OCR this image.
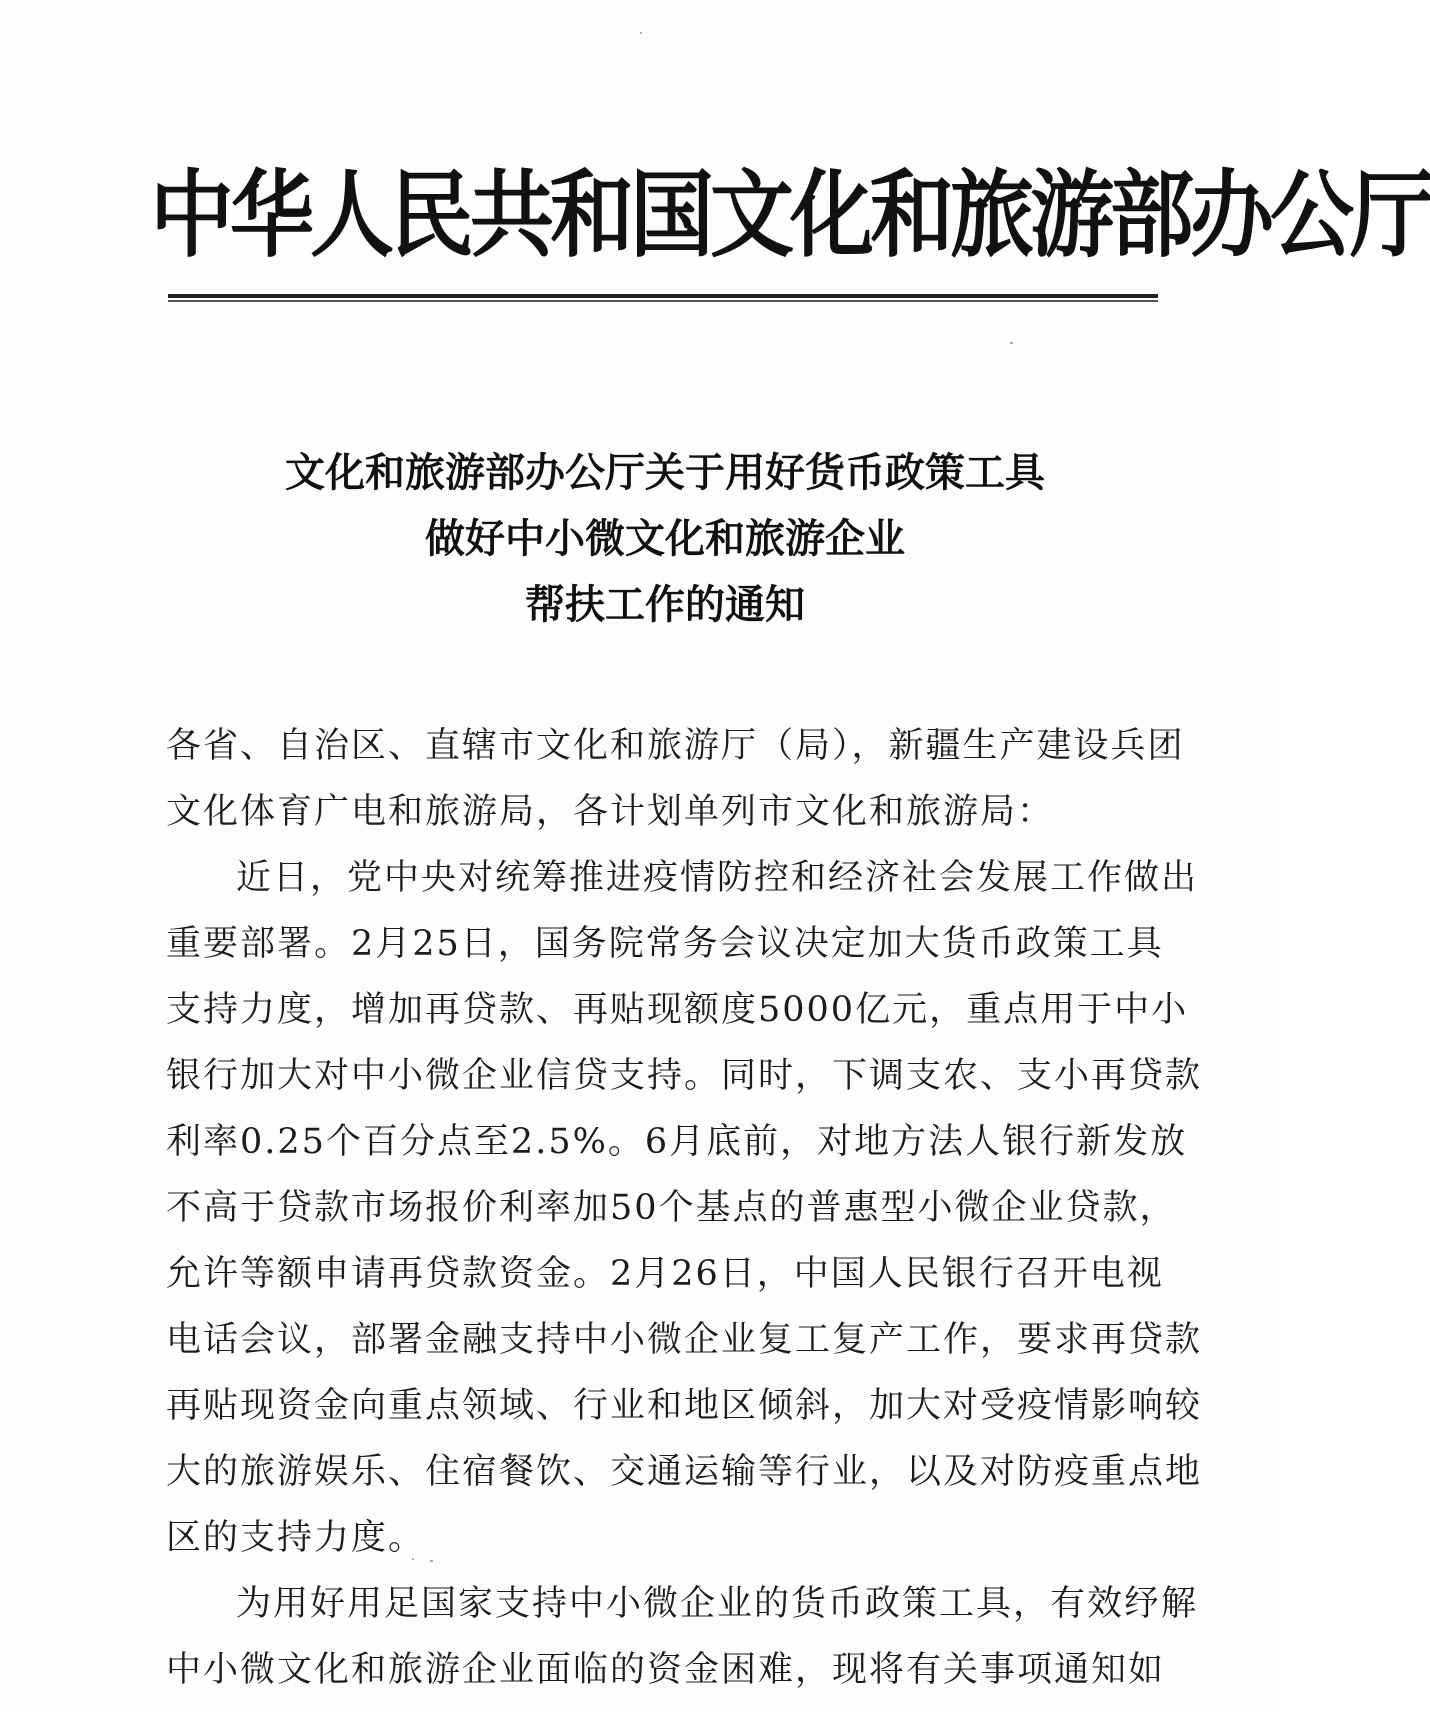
中华人民共和国文化和旅游部办公厅
文化和旅游部办公厅关于用好货币政策工具
做好中小微文化和旅游企业
帮扶工作的通知
各省、自治区、直辖市文化和旅游厅（局），新疆生产建设兵团
文化体育广电和旅游局，各计划单列市文化和旅游局：
近日，党中央对统筹推进疫情防控和经济社会发展工作做出
重要部署。2月25日，国务院常务会议决定加大货币政策工具
支持力度，增加再贷款、再贴现额度5000亿元，重点用于中小
银行加大对中小微企业信贷支持。同时，下调支农、支小再贷款
利率0.25个百分点至2.5%。6月底前，对地方法人银行新发放
不高于贷款市场报价利率加50个基点的普惠型小微企业贷款，
允许等额申请再贷款资金。2月26日，中国人民银行召开电视
电话会议，部署金融支持中小微企业复工复产工作，要求再贷款
再贴现资金向重点领域、行业和地区倾斜，加大对受疫情影响较
大的旅游娱乐、住宿餐饮、交通运输等行业，以及对防疫重点地
区的支持力度。
为用好用足国家支持中小微企业的货币政策工具，有效纾解
中小微文化和旅游企业面临的资金困难，现将有关事项通知如
